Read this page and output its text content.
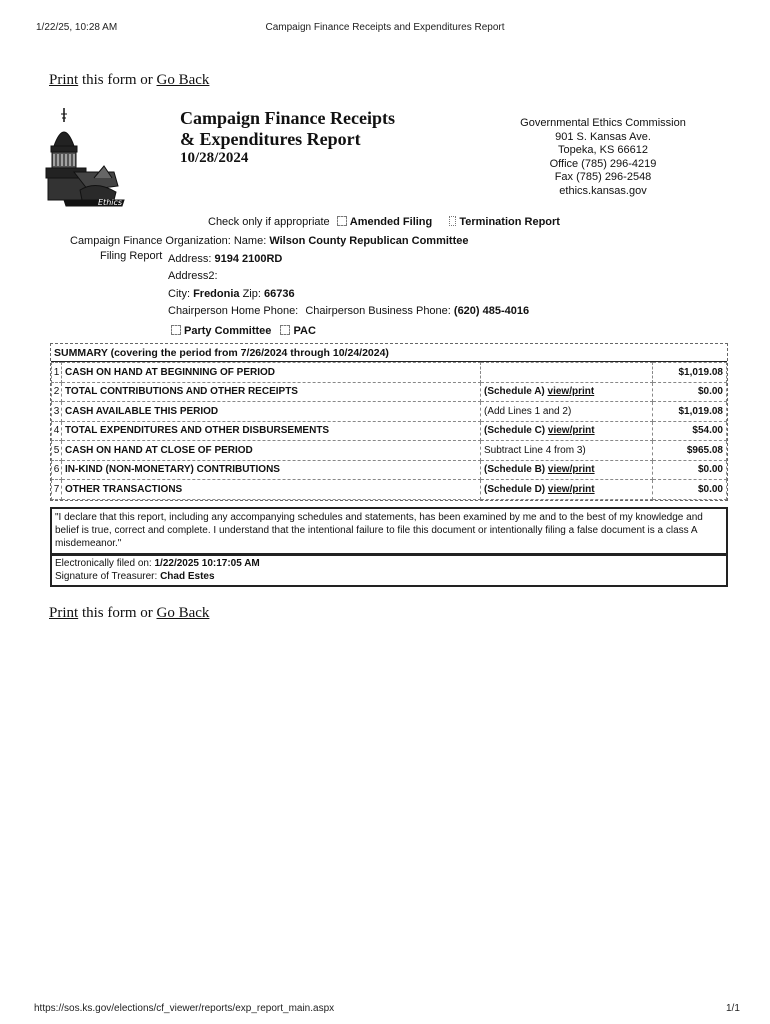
1/22/25, 10:28 AM	Campaign Finance Receipts and Expenditures Report
Print this form or Go Back
Ethics
Campaign Finance Receipts
& Expenditures Report
10/28/2024
Governmental Ethics Commission
901 S. Kansas Ave.
Topeka, KS 66612
Office (785) 296-4219
Fax (785) 296-2548
ethics.kansas.gov
Check only if appropriate Amended Filing Termination Report
Campaign Finance Organization: Name: Wilson County Republican Committee
Filing Report Address: 9194 2100RD
Address2:
City: Fredonia Zip: 66736
Chairperson Home Phone: Chairperson Business Phone: (620) 485-4016
Party Committee PAC
SUMMARY (covering the period from 7/26/2024 through 10/24/2024)
1	CASH ON HAND AT BEGINNING OF PERIOD		$1,019.08
2	TOTAL CONTRIBUTIONS AND OTHER RECEIPTS	(Schedule A) view/print	$0.00
3	CASH AVAILABLE THIS PERIOD	(Add Lines 1 and 2)	$1,019.08
4	TOTAL EXPENDITURES AND OTHER DISBURSEMENTS	(Schedule C) view/print	$54.00
5	CASH ON HAND AT CLOSE OF PERIOD	Subtract Line 4 from 3)	$965.08
6	IN-KIND (NON-MONETARY) CONTRIBUTIONS	(Schedule B) view/print	$0.00
7	OTHER TRANSACTIONS	(Schedule D) view/print	$0.00
"I declare that this report, including any accompanying schedules and statements, has been examined by me and to the best of my knowledge and belief is true, correct and complete. I understand that the intentional failure to file this document or intentionally filing a false document is a class A misdemeanor."
Electronically filed on: 1/22/2025 10:17:05 AM
Signature of Treasurer: Chad Estes
Print this form or Go Back
https://sos.ks.gov/elections/cf_viewer/reports/exp_report_main.aspx	1/1
